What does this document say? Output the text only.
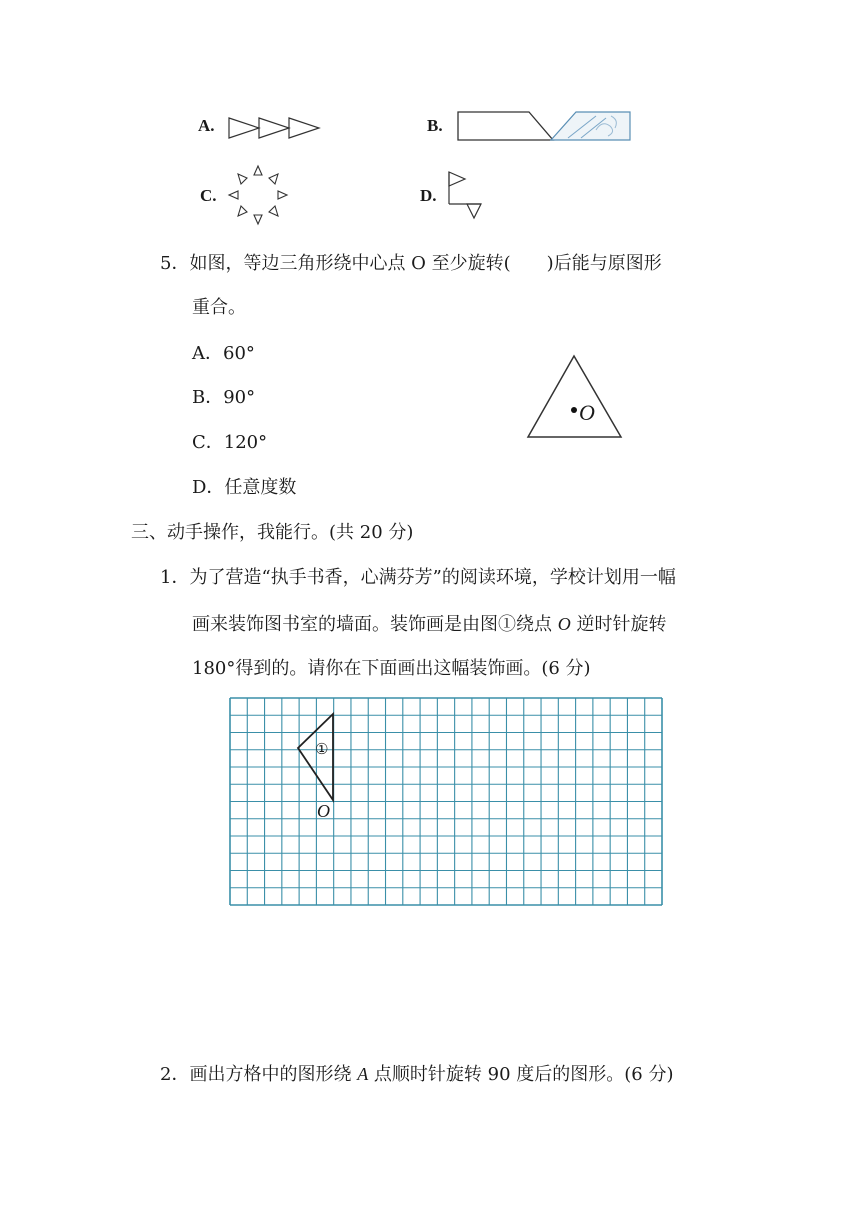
A.	B.
C.	D.
5．如图，等边三角形绕中心点 O 至少旋转(　　)后能与原图形
重合。
A．60°
B．90°
C．120°
D．任意度数
O
三、动手操作，我能行。(共 20 分)
1．为了营造“执手书香，心满芬芳”的阅读环境，学校计划用一幅
画来装饰图书室的墙面。装饰画是由图①绕点 O 逆时针旋转
180°得到的。请你在下面画出这幅装饰画。(6 分)
①
O
2．画出方格中的图形绕 A 点顺时针旋转 90 度后的图形。(6 分)
